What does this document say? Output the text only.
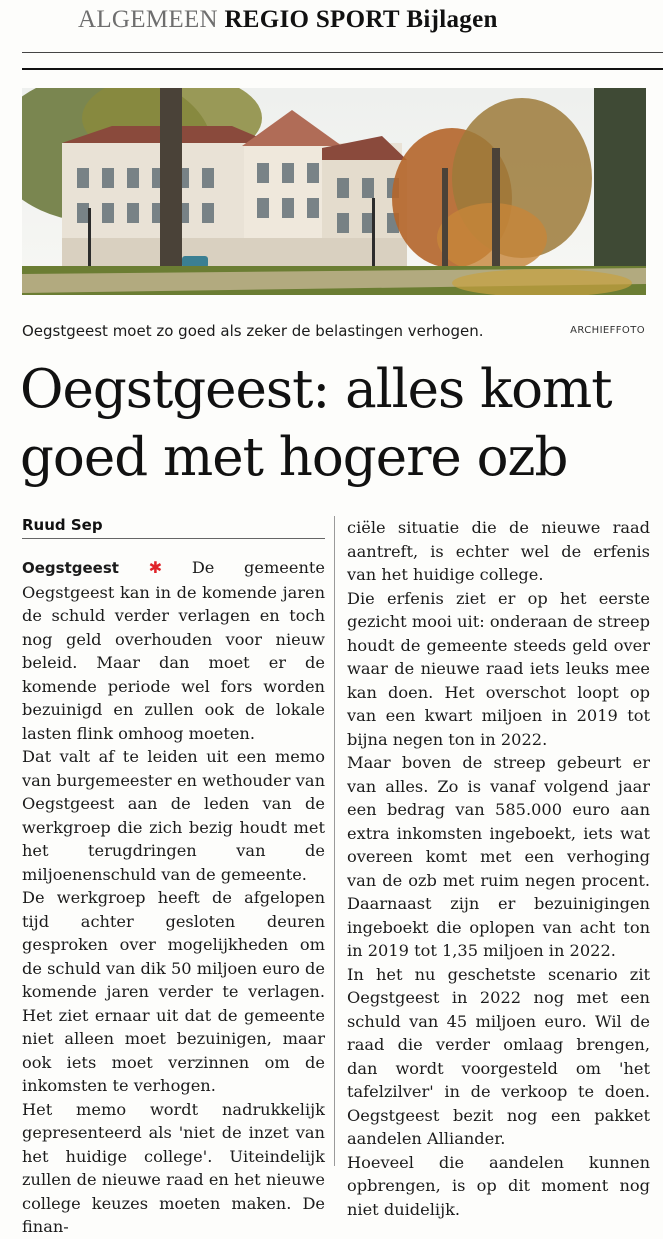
ALGEMEEN REGIO SPORT Bijlagen
Oegstgeest moet zo goed als zeker de belastingen verhogen.	ARCHIEFFOTO
Oegstgeest: alles komt
goed met hogere ozb
Ruud Sep

Oegstgeest ✱ De gemeente Oegstgeest kan in de komende jaren de schuld verder verlagen en toch nog geld overhouden voor nieuw beleid. Maar dan moet er de komende periode wel fors worden bezuinigd en zullen ook de lokale lasten flink omhoog moeten.

Dat valt af te leiden uit een memo van burgemeester en wethouder van Oegstgeest aan de leden van de werkgroep die zich bezig houdt met het terugdringen van de miljoenenschuld van de gemeente.

De werkgroep heeft de afgelopen tijd achter gesloten deuren gesproken over mogelijkheden om de schuld van dik 50 miljoen euro de komende jaren verder te verlagen. Het ziet ernaar uit dat de gemeente niet alleen moet bezuinigen, maar ook iets moet verzinnen om de inkomsten te verhogen.

Het memo wordt nadrukkelijk gepresenteerd als 'niet de inzet van het huidige college'. Uiteindelijk zullen de nieuwe raad en het nieuwe college keuzes moeten maken. De finan-

ciële situatie die de nieuwe raad aantreft, is echter wel de erfenis van het huidige college.

Die erfenis ziet er op het eerste gezicht mooi uit: onderaan de streep houdt de gemeente steeds geld over waar de nieuwe raad iets leuks mee kan doen. Het overschot loopt op van een kwart miljoen in 2019 tot bijna negen ton in 2022.

Maar boven de streep gebeurt er van alles. Zo is vanaf volgend jaar een bedrag van 585.000 euro aan extra inkomsten ingeboekt, iets wat overeen komt met een verhoging van de ozb met ruim negen procent. Daarnaast zijn er bezuinigingen ingeboekt die oplopen van acht ton in 2019 tot 1,35 miljoen in 2022.

In het nu geschetste scenario zit Oegstgeest in 2022 nog met een schuld van 45 miljoen euro. Wil de raad die verder omlaag brengen, dan wordt voorgesteld om 'het tafelzilver' in de verkoop te doen. Oegstgeest bezit nog een pakket aandelen Alliander.

Hoeveel die aandelen kunnen opbrengen, is op dit moment nog niet duidelijk.
